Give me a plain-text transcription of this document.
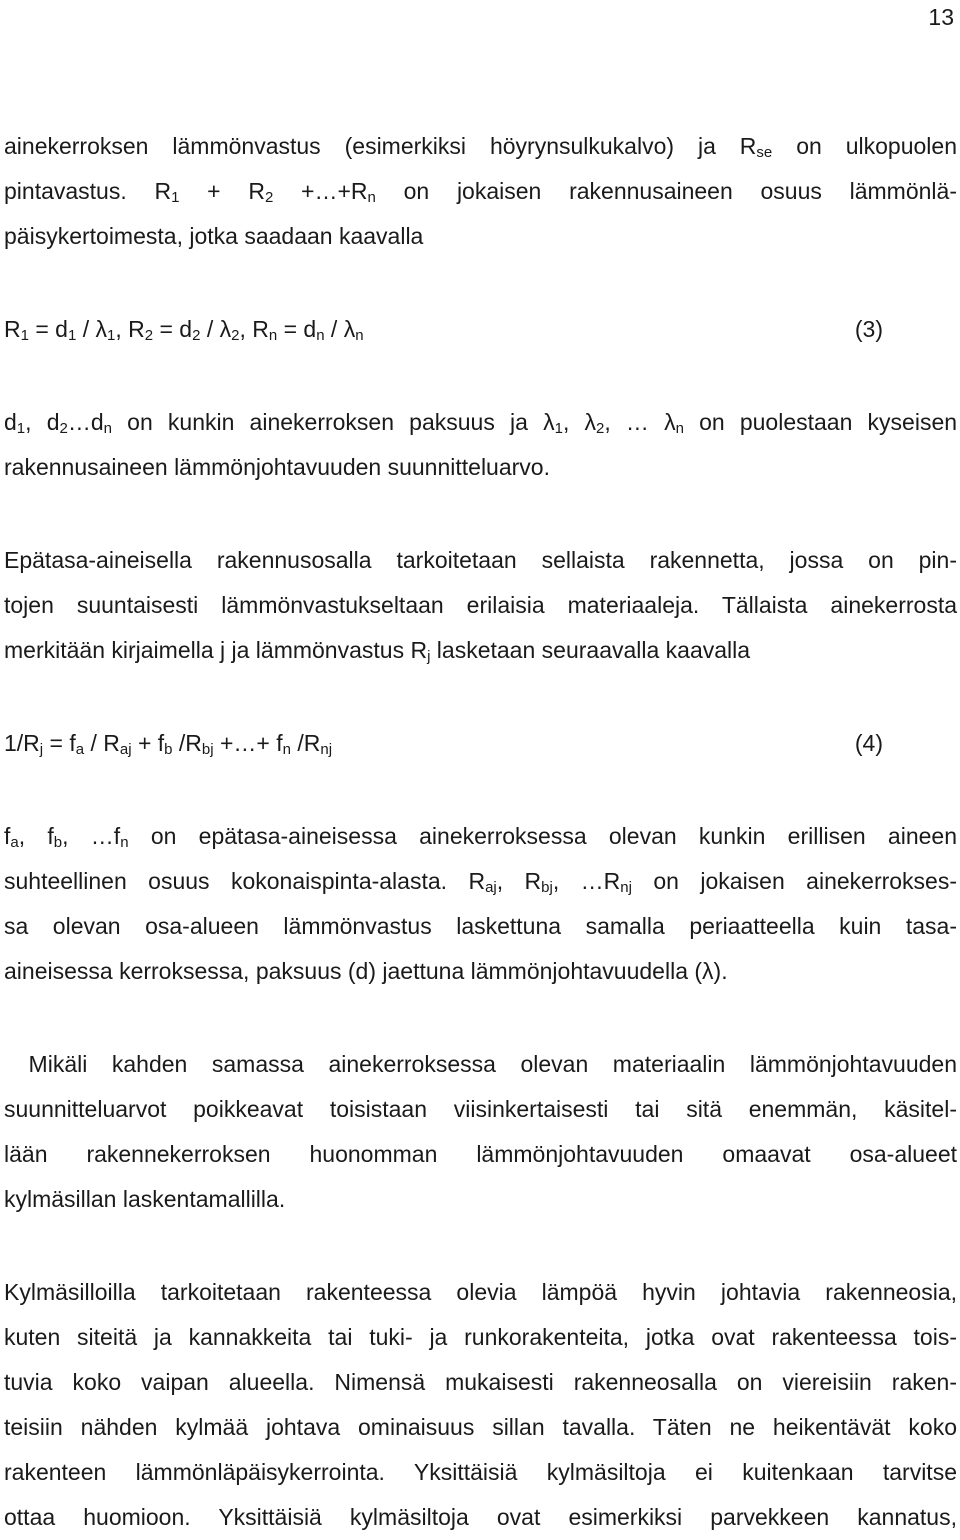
13

ainekerroksen lämmönvastus (esimerkiksi höyrynsulkukalvo) ja $R_{se}$ on ulkopuolen

pintavastus. $R_1 + R_2$ $+\dots+R_n$ on jokaisen rakennusaineen osuus lämmönlä-

päisykertoimesta, jotka saadaan kaavalla

$R_1 = d_1 / \lambda_1$, $R_2 = d_2 / \lambda_2$, $R_n = d_n / \lambda_n$	(3)

$d_1$, $d_2\dots d_n$ on kunkin ainekerroksen paksuus ja $\lambda_1$, $\lambda_2$, … $\lambda_n$ on puolestaan kyseisen

rakennusaineen lämmönjohtavuuden suunnitteluarvo.

Epätasa-aineisella rakennusosalla tarkoitetaan sellaista rakennetta, jossa on pin-

tojen suuntaisesti lämmönvastukseltaan erilaisia materiaaleja. Tällaista ainekerrosta merkitään kirjaimella j ja lämmönvastus $R_j$ lasketaan seuraavalla kaavalla

$1/R_j = f_a / R_{aj} + f_b$ $/R_{bj}$ +…+ $f_n$ $/R_{nj}$	(4)

$f_a$, $f_b$, $\dots f_n$ on epätasa-aineisessa ainekerroksessa olevan kunkin erillisen aineen

suhteellinen osuus kokonaispinta-alasta. $R_{aj}$, $R_{bj}$, $\dots R_{nj}$ on jokaisen ainekerrokses-

sa olevan osa-alueen lämmönvastus laskettuna samalla periaatteella kuin tasa-

aineisessa kerroksessa, paksuus (d) jaettuna lämmönjohtavuudella (λ).

Mikäli kahden samassa ainekerroksessa olevan materiaalin lämmönjohtavuuden

suunnitteluarvot poikkeavat toisistaan viisinkertaisesti tai sitä enemmän, käsitel-

lään rakennekerroksen huonomman lämmönjohtavuuden omaavat osa-alueet

kylmäsillan laskentamallilla.

Kylmäsilloilla tarkoitetaan rakenteessa olevia lämpöä hyvin johtavia rakenneosia,

kuten siteitä ja kannakkeita tai tuki- ja runkorakenteita, jotka ovat rakenteessa tois-

tuvia koko vaipan alueella. Nimensä mukaisesti rakenneosalla on viereisiin raken-

teisiin nähden kylmää johtava ominaisuus sillan tavalla. Täten ne heikentävät koko

rakenteen lämmönläpäisykerrointa. Yksittäisiä kylmäsiltoja ei kuitenkaan tarvitse

ottaa huomioon. Yksittäisiä kylmäsiltoja ovat esimerkiksi parvekkeen kannatus,
